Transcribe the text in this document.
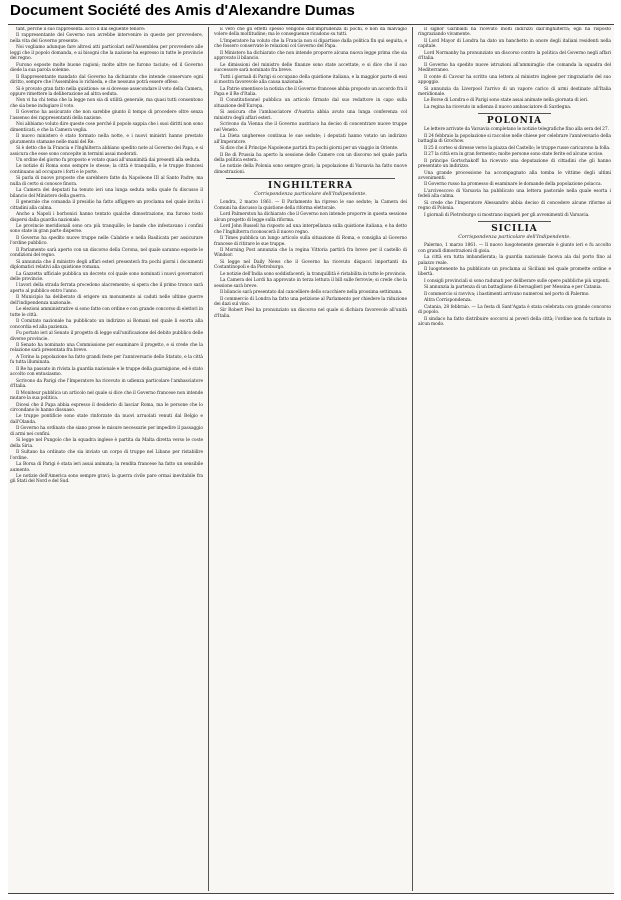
Document Société des Amis d'Alexandre Dumas

tant, perché il suo rappresenta. Ecco il dal seguente tenore:

Il rappresentante del Governo non avrebbe intervenire in queste per provvedere, nella vita del Governo presente.

Noi vogliamo adunque fare altresì atti particolari nell'Assemblea per provvedere alle leggi che il popolo domanda, e ai bisogni che la nazione ha espresso in tutte le provincie del regno.

Furono esposte molte buone ragioni; molte altre ne furono taciute; ed il Governo diede la sua parola solenne.

Il Rappresentante mandato dal Governo ha dichiarato che intende conservare ogni diritto, sempre che l'Assemblea lo richieda, e che nessuno potrà essere offeso.

Si è provato gran fatto nella quistione: se si dovesse assecondare il voto della Camera, oppure rimettere la deliberazione ad altra seduta.

Non vi ha chi tema che la legge non sia di utilità generale, ma quasi tutti consentono che sia bene indugiare il voto.

Il Governo ha assicurato che non sarebbe giunto il tempo di procedere oltre senza l'assenso dei rappresentanti della nazione.

Noi abbiamo voluto dire queste cose perché il popolo sappia che i suoi diritti non sono dimenticati, e che la Camera veglia.

Il nuovo ministero è stato formato nella notte, e i nuovi ministri hanno prestato giuramento stamane nelle mani del Re.

Si è detto che la Francia e l'Inghilterra abbiano spedito note al Governo del Papa, e si assicura che esse sono concepite in termini assai moderati.

Un ordine del giorno fu proposto e votato quasi all'unanimità dai presenti alla seduta.

Le notizie di Roma sono sempre le stesse; la città è tranquilla, e le truppe francesi continuano ad occupare i forti e le porte.

Si parla di nuove proposte che sarebbero fatte da Napoleone III al Santo Padre; ma nulla di certo si conosce finora.

La Camera dei deputati ha tenuto ieri una lunga seduta nella quale fu discusso il bilancio del Ministero della guerra.

Il generale che comanda il presidio ha fatto affiggere un proclama nel quale invita i cittadini alla calma.

Anche a Napoli i borbonici hanno tentato qualche dimostrazione, ma furono tosto dispersi dalla guardia nazionale.

Le provincie meridionali sono ora più tranquille; le bande che infestavano i confini sono state in gran parte disperse.

Il Governo ha spedito nuove truppe nelle Calabrie e nella Basilicata per assicurare l'ordine pubblico.

Il Parlamento sarà aperto con un discorso della Corona, nel quale saranno esposte le condizioni del regno.

Si annunzia che il ministro degli affari esteri presenterà fra pochi giorni i documenti diplomatici relativi alla quistione romana.

La Gazzetta ufficiale pubblica un decreto col quale sono nominati i nuovi governatori delle provincie.

I lavori della strada ferrata procedono alacremente; si spera che il primo tronco sarà aperto al pubblico entro l'anno.

Il Municipio ha deliberato di erigere un monumento ai caduti nelle ultime guerre dell'indipendenza nazionale.

Le elezioni amministrative si sono fatte con ordine e con grande concorso di elettori in tutte le città.

Il Comitato nazionale ha pubblicato un indirizzo ai Romani nel quale li esorta alla concordia ed alla pazienza.

Fu portato ieri al Senato il progetto di legge sull'unificazione del debito pubblico delle diverse provincie.

Il Senato ha nominato una Commissione per esaminare il progetto, e si crede che la relazione sarà presentata fra breve.

A Torino la popolazione ha fatto grandi feste per l'anniversario dello Statuto, e la città fu tutta illuminata.

Il Re ha passato in rivista la guardia nazionale e le truppe della guarnigione, ed è stato accolto con entusiasmo.

Scrivono da Parigi che l'Imperatore ha ricevuto in udienza particolare l'ambasciatore d'Italia.

Il Moniteur pubblica un articolo nel quale si dice che il Governo francese non intende mutare la sua politica.

Dicesi che il Papa abbia espresso il desiderio di lasciar Roma, ma le persone che lo circondano lo hanno dissuaso.

Le truppe pontificie sono state rinforzate da nuovi arruolati venuti dal Belgio e dall'Olanda.

Il Governo ha ordinato che siano prese le misure necessarie per impedire il passaggio di armi nei confini.

Si legge nel Pungolo che la squadra inglese è partita da Malta diretta verso le coste della Siria.

Il Sultano ha ordinato che sia inviato un corpo di truppe nel Libano per ristabilire l'ordine.

La Borsa di Parigi è stata ieri assai animata; la rendita francese ha fatto un sensibile aumento.

Le notizie dell'America sono sempre gravi; la guerra civile pare ormai inevitabile fra gli Stati del Nord e del Sud.

È vero che gli effetti spesso vengono dall'imprudenza di pochi, e non da malvagio volere della moltitudine; ma le conseguenze ricadono su tutti.

L'Imperatore ha voluto che la Francia non si dipartisse dalla politica fin qui seguita, e che fossero conservate le relazioni col Governo del Papa.

Il Ministero ha dichiarato che non intende proporre alcuna nuova legge prima che sia approvato il bilancio.

Le dimissioni del ministro delle finanze sono state accettate, e si dice che il suo successore sarà nominato fra breve.

Tutti i giornali di Parigi si occupano della quistione italiana, e la maggior parte di essi si mostra favorevole alla causa nazionale.

La Patrie smentisce la notizia che il Governo francese abbia proposto un accordo fra il Papa e il Re d'Italia.

Il Constitutionnel pubblica un articolo firmato dal suo redattore in capo sulla situazione dell'Europa.

Si assicura che l'ambasciatore d'Austria abbia avuto una lunga conferenza col ministro degli affari esteri.

Scrivono da Vienna che il Governo austriaco ha deciso di concentrare nuove truppe nel Veneto.

La Dieta ungherese continua le sue sedute; i deputati hanno votato un indirizzo all'Imperatore.

Si dice che il Principe Napoleone partirà fra pochi giorni per un viaggio in Oriente.

Il Re di Prussia ha aperto la sessione delle Camere con un discorso nel quale parla della politica estera.

Le notizie della Polonia sono sempre gravi; la popolazione di Varsavia ha fatto nuove dimostrazioni.

INGHILTERRA
Corrispondenza particolare dell'Indipendente.

Londra, 2 marzo 1861. — Il Parlamento ha ripreso le sue sedute; la Camera dei Comuni ha discusso la quistione della riforma elettorale.

Lord Palmerston ha dichiarato che il Governo non intende proporre in questa sessione alcun progetto di legge sulla riforma.

Lord John Russell ha risposto ad una interpellanza sulla quistione italiana, e ha detto che l'Inghilterra riconoscerà il nuovo regno.

Il Times pubblica un lungo articolo sulla situazione di Roma, e consiglia al Governo francese di ritirare le sue truppe.

Il Morning Post annunzia che la regina Vittoria partirà fra breve per il castello di Windsor.

Si legge nel Daily News che il Governo ha ricevuto dispacci importanti da Costantinopoli e da Pietroburgo.

Le notizie dell'India sono soddisfacenti; la tranquillità è ristabilita in tutte le provincie.

La Camera dei Lordi ha approvato in terza lettura il bill sulle ferrovie; si crede che la sessione sarà breve.

Il bilancio sarà presentato dal cancelliere dello scacchiere nella prossima settimana.

Il commercio di Londra ha fatto una petizione al Parlamento per chiedere la riduzione dei dazi sul vino.

Sir Robert Peel ha pronunziato un discorso nel quale si dichiara favorevole all'unità d'Italia.

Il signor Garibaldi ha ricevuto molti indirizzi dall'Inghilterra; egli ha risposto ringraziando vivamente.

Il Lord Mayor di Londra ha dato un banchetto in onore degli italiani residenti nella capitale.

Lord Normanby ha pronunziato un discorso contro la politica del Governo negli affari d'Italia.

Il Governo ha spedito nuove istruzioni all'ammiraglio che comanda la squadra del Mediterraneo.

Il conte di Cavour ha scritto una lettera al ministro inglese per ringraziarlo del suo appoggio.

Si annunzia da Liverpool l'arrivo di un vapore carico di armi destinate all'Italia meridionale.

Le Borse di Londra e di Parigi sono state assai animate nella giornata di ieri.

La regina ha ricevuto in udienza il nuovo ambasciatore di Sardegna.

POLONIA

Le lettere arrivate da Varsavia completano le notizie telegrafiche fino alla sera del 27.

Il 24 febbraio la popolazione si raccolse nelle chiese per celebrare l'anniversario della battaglia di Grochow.

Il 25 il corteo si diresse verso la piazza del Castello; le truppe russe caricarono la folla.

Il 27 la città era in gran fermento; molte persone sono state ferite ed alcune uccise.

Il principe Gortschakoff ha ricevuto una deputazione di cittadini che gli hanno presentato un indirizzo.

Una grande processione ha accompagnato alla tomba le vittime degli ultimi avvenimenti.

Il Governo russo ha promesso di esaminare le domande della popolazione polacca.

L'arcivescovo di Varsavia ha pubblicato una lettera pastorale nella quale esorta i fedeli alla calma.

Si crede che l'Imperatore Alessandro abbia deciso di concedere alcune riforme al regno di Polonia.

I giornali di Pietroburgo si mostrano inquieti per gli avvenimenti di Varsavia.

SICILIA
Corrispondenza particolare dell'Indipendente.

Palermo, 1 marzo 1861. — Il nuovo luogotenente generale è giunto ieri e fu accolto con grandi dimostrazioni di gioia.

La città era tutta imbandierata; la guardia nazionale faceva ala dal porto fino al palazzo reale.

Il luogotenente ha pubblicato un proclama ai Siciliani nel quale promette ordine e libertà.

I consigli provinciali si sono radunati per deliberare sulle opere pubbliche più urgenti.

Si annunzia la partenza di un battaglione di bersaglieri per Messina e per Catania.

Il commercio si ravviva; i bastimenti arrivano numerosi nel porto di Palermo.

Altra Corrispondenza.

Catania, 28 febbraio. — La festa di Sant'Agata è stata celebrata con grande concorso di popolo.

Il sindaco ha fatto distribuire soccorsi ai poveri della città; l'ordine non fu turbato in alcun modo.
